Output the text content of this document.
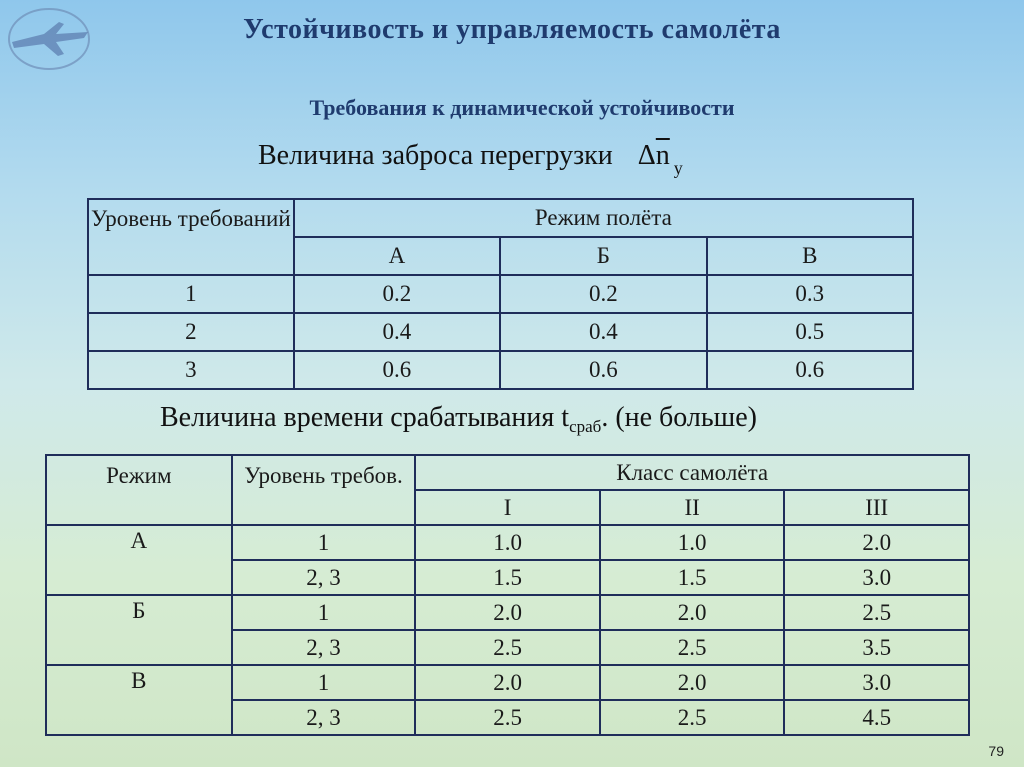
Устойчивость и управляемость самолёта
Требования к динамической устойчивости
Величина заброса перегрузки $\Delta\overline{n}$ $_y$
Уровень требований	Режим полёта		
	А	Б	В
1	0.2	0.2	0.3
2	0.4	0.4	0.5
3	0.6	0.6	0.6
Величина времени срабатывания $t_{сраб}$. (не больше)
Режим	Уровень требов.	Класс самолёта		
		I	II	III
А	1	1.0	1.0	2.0
	2, 3	1.5	1.5	3.0
Б	1	2.0	2.0	2.5
	2, 3	2.5	2.5	3.5
В	1	2.0	2.0	3.0
	2, 3	2.5	2.5	4.5
79
